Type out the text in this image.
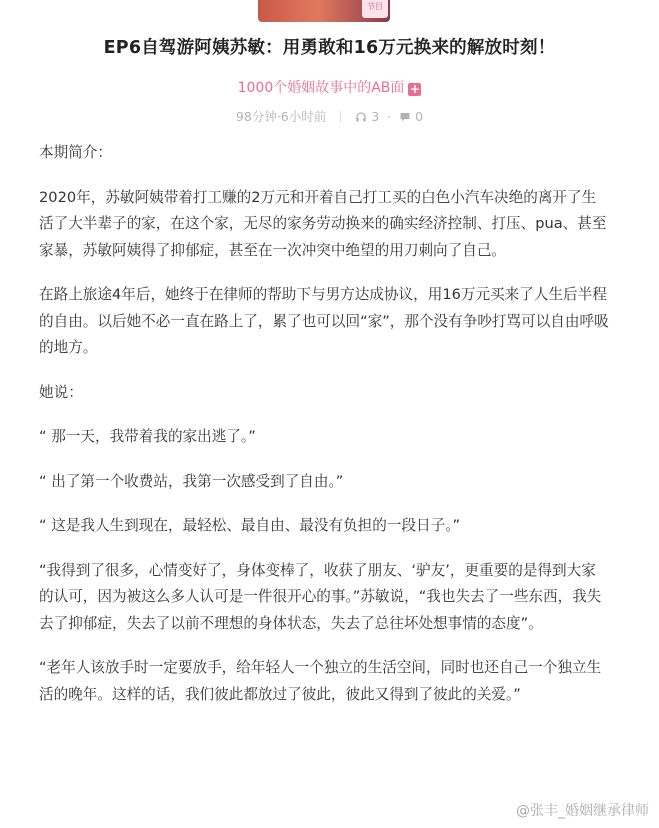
节目
EP6自驾游阿姨苏敏：用勇敢和16万元换来的解放时刻！
1000个婚姻故事中的AB面 +
98分钟·6小时前	3 · 0

本期简介：

2020年，苏敏阿姨带着打工赚的2万元和开着自己打工买的白色小汽车决绝的离开了生活了大半辈子的家，在这个家，无尽的家务劳动换来的确实经济控制、打压、pua、甚至家暴，苏敏阿姨得了抑郁症，甚至在一次冲突中绝望的用刀刺向了自己。

在路上旅途4年后，她终于在律师的帮助下与男方达成协议，用16万元买来了人生后半程的自由。以后她不必一直在路上了，累了也可以回“家”，那个没有争吵打骂可以自由呼吸的地方。

她说：

“ 那一天，我带着我的家出逃了。”

“ 出了第一个收费站，我第一次感受到了自由。”

“ 这是我人生到现在，最轻松、最自由、最没有负担的一段日子。”

“我得到了很多，心情变好了，身体变棒了，收获了朋友、‘驴友’，更重要的是得到大家的认可，因为被这么多人认可是一件很开心的事。”苏敏说，“我也失去了一些东西，我失去了抑郁症，失去了以前不理想的身体状态，失去了总往坏处想事情的态度”。

“老年人该放手时一定要放手，给年轻人一个独立的生活空间，同时也还自己一个独立生活的晚年。这样的话，我们彼此都放过了彼此，彼此又得到了彼此的关爱。”

@张丰_婚姻继承律师
